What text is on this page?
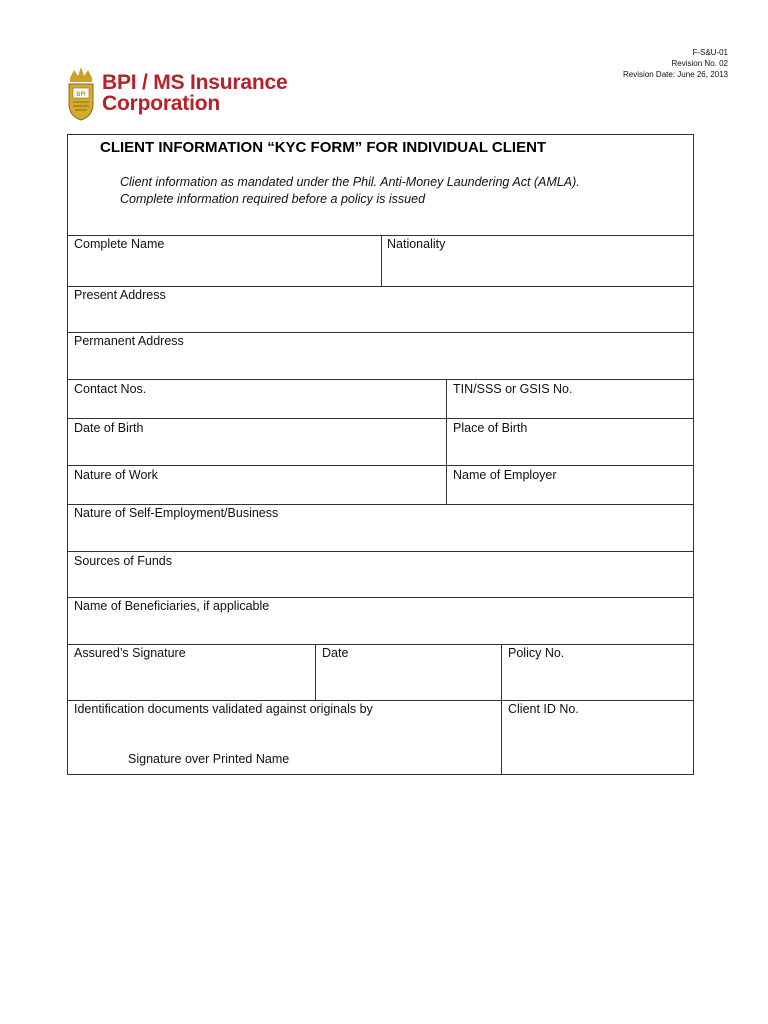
F-S&U-01
Revision No. 02
Revision Date: June 26, 2013
BPI
BPI / MS Insurance
Corporation
CLIENT INFORMATION “KYC FORM” FOR INDIVIDUAL CLIENT
Client information as mandated under the Phil. Anti-Money Laundering Act (AMLA).
Complete information required before a policy is issued
Complete Name	Nationality
Present Address
Permanent Address
Contact Nos.	TIN/SSS or GSIS No.
Date of Birth	Place of Birth
Nature of Work	Name of Employer
Nature of Self-Employment/Business
Sources of Funds
Name of Beneficiaries, if applicable
Assured’s Signature	Date	Policy No.
Identification documents validated against originals by
Signature over Printed Name
Client ID No.
